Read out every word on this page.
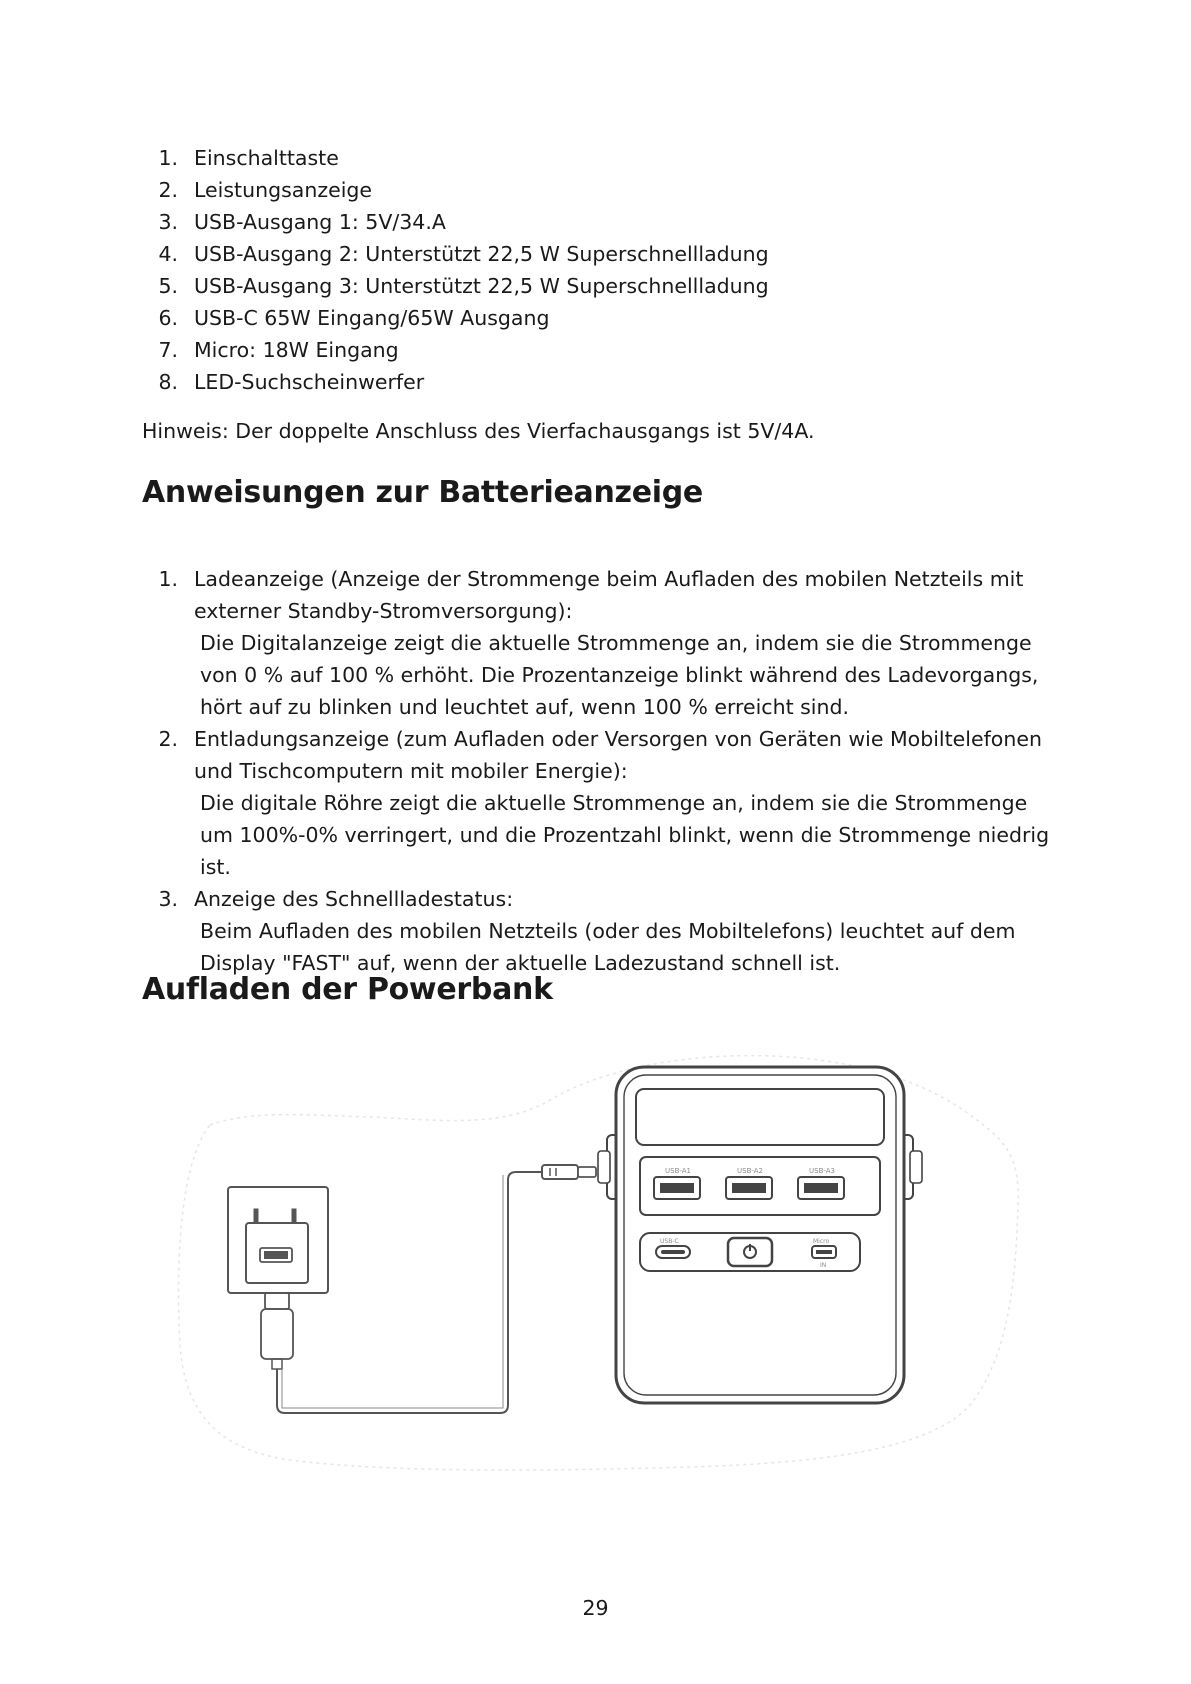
1. Einschalttaste
2. Leistungsanzeige
3. USB-Ausgang 1: 5V/34.A
4. USB-Ausgang 2: Unterstützt 22,5 W Superschnellladung
5. USB-Ausgang 3: Unterstützt 22,5 W Superschnellladung
6. USB-C 65W Eingang/65W Ausgang
7. Micro: 18W Eingang
8. LED-Suchscheinwerfer
Hinweis: Der doppelte Anschluss des Vierfachausgangs ist 5V/4A.
Anweisungen zur Batterieanzeige
1. Ladeanzeige (Anzeige der Strommenge beim Aufladen des mobilen Netzteils mit externer Standby-Stromversorgung):
Die Digitalanzeige zeigt die aktuelle Strommenge an, indem sie die Strommenge von 0 % auf 100 % erhöht. Die Prozentanzeige blinkt während des Ladevorgangs, hört auf zu blinken und leuchtet auf, wenn 100 % erreicht sind.
2. Entladungsanzeige (zum Aufladen oder Versorgen von Geräten wie Mobiltelefonen und Tischcomputern mit mobiler Energie):
Die digitale Röhre zeigt die aktuelle Strommenge an, indem sie die Strommenge um 100%-0% verringert, und die Prozentzahl blinkt, wenn die Strommenge niedrig ist.
3. Anzeige des Schnellladestatus:
Beim Aufladen des mobilen Netzteils (oder des Mobiltelefons) leuchtet auf dem Display "FAST" auf, wenn der aktuelle Ladezustand schnell ist.
Aufladen der Powerbank
USB-A1	USB-A2	USB-A3
USB-C	Micro
IN
29
